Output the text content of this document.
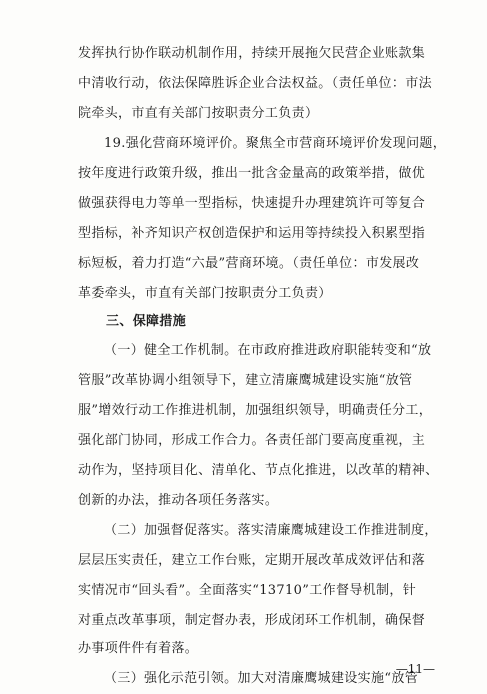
发挥执行协作联动机制作用，持续开展拖欠民营企业账款集
中清收行动，依法保障胜诉企业合法权益。（责任单位：市法
院牵头，市直有关部门按职责分工负责）
19.强化营商环境评价。聚焦全市营商环境评价发现问题，
按年度进行政策升级，推出一批含金量高的政策举措，做优
做强获得电力等单一型指标，快速提升办理建筑许可等复合
型指标，补齐知识产权创造保护和运用等持续投入积累型指
标短板，着力打造“六最”营商环境。（责任单位：市发展改
革委牵头，市直有关部门按职责分工负责）
三、保障措施
（一）健全工作机制。在市政府推进政府职能转变和“放
管服”改革协调小组领导下，建立清廉鹰城建设实施“放管
服”增效行动工作推进机制，加强组织领导，明确责任分工，
强化部门协同，形成工作合力。各责任部门要高度重视，主
动作为，坚持项目化、清单化、节点化推进，以改革的精神、
创新的办法，推动各项任务落实。
（二）加强督促落实。落实清廉鹰城建设工作推进制度，
层层压实责任，建立工作台账，定期开展改革成效评估和落
实情况市“回头看”。全面落实“13710”工作督导机制，针
对重点改革事项，制定督办表，形成闭环工作机制，确保督
办事项件件有着落。
（三）强化示范引领。加大对清廉鹰城建设实施“放管
—11—
